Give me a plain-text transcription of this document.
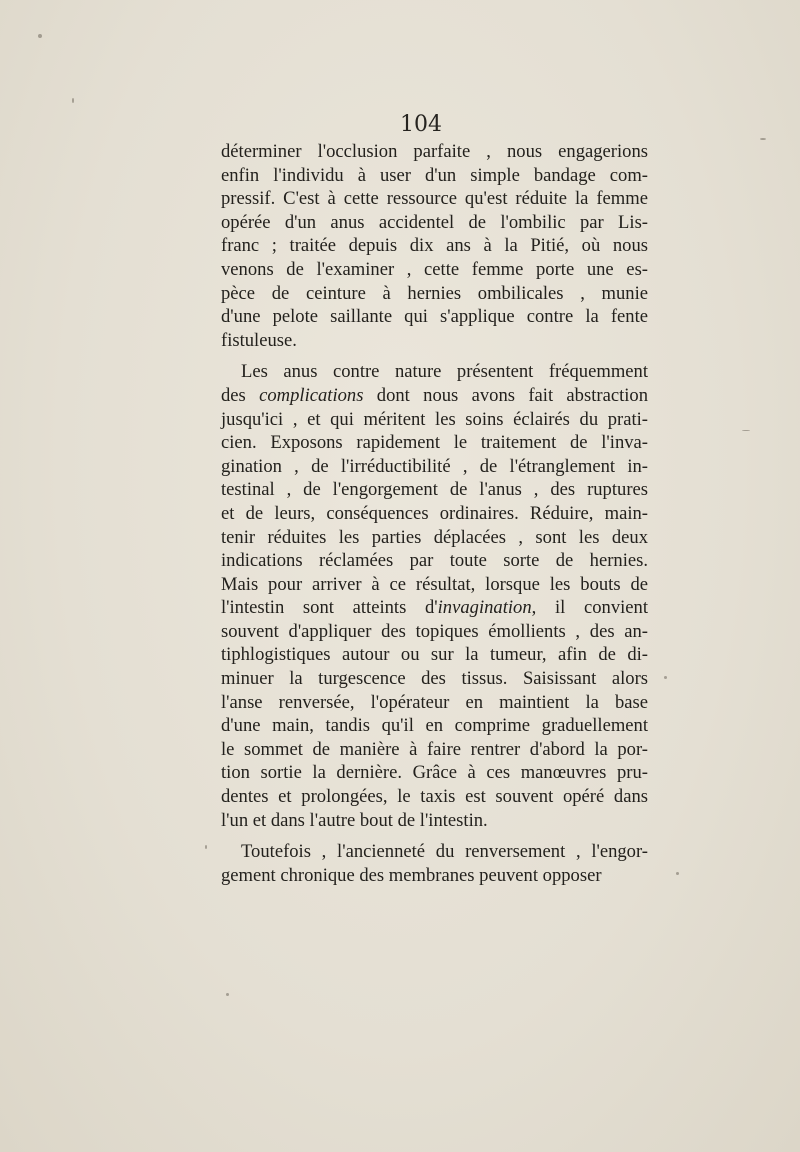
104
déterminer l'occlusion parfaite , nous engagerions
enfin l'individu à user d'un simple bandage com-
pressif. C'est à cette ressource qu'est réduite la femme
opérée d'un anus accidentel de l'ombilic par Lis-
franc ; traitée depuis dix ans à la Pitié, où nous
venons de l'examiner , cette femme porte une es-
pèce de ceinture à hernies ombilicales , munie
d'une pelote saillante qui s'applique contre la fente
fistuleuse.
Les anus contre nature présentent fréquemment
des complications dont nous avons fait abstraction
jusqu'ici , et qui méritent les soins éclairés du prati-
cien. Exposons rapidement le traitement de l'inva-
gination , de l'irréductibilité , de l'étranglement in-
testinal , de l'engorgement de l'anus , des ruptures
et de leurs, conséquences ordinaires. Réduire, main-
tenir réduites les parties déplacées , sont les deux
indications réclamées par toute sorte de hernies.
Mais pour arriver à ce résultat, lorsque les bouts de
l'intestin sont atteints d'invagination, il convient
souvent d'appliquer des topiques émollients , des an-
tiphlogistiques autour ou sur la tumeur, afin de di-
minuer la turgescence des tissus. Saisissant alors
l'anse renversée, l'opérateur en maintient la base
d'une main, tandis qu'il en comprime graduellement
le sommet de manière à faire rentrer d'abord la por-
tion sortie la dernière. Grâce à ces manœuvres pru-
dentes et prolongées, le taxis est souvent opéré dans
l'un et dans l'autre bout de l'intestin.
Toutefois , l'ancienneté du renversement , l'engor-
gement chronique des membranes peuvent opposer
